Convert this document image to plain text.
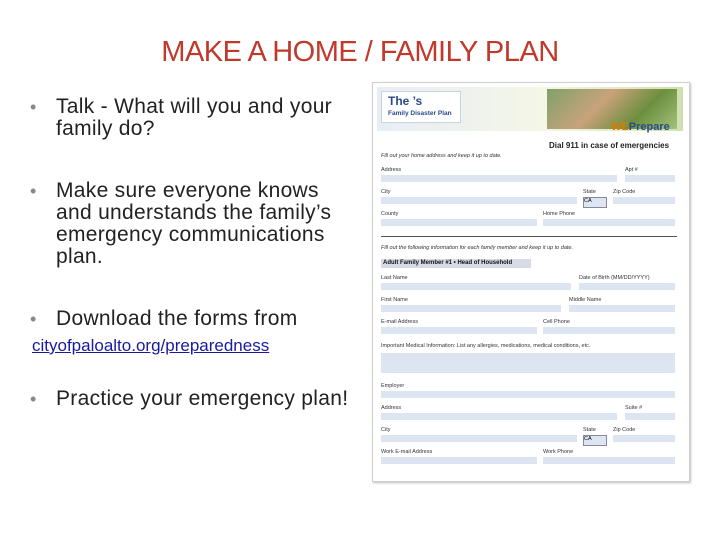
MAKE A HOME / FAMILY PLAN
• Talk - What will you and your family do?
• Make sure everyone knows and understands the family’s emergency communications plan.
• Download the forms from
• Practice your emergency plan!
cityofpaloalto.org/preparedness
The ’s
Family Disaster Plan
WEPrepare
Dial 911 in case of emergencies
Fill out your home address and keep it up to date.
Address	Apt #
City	State	Zip Code
CA
County	Home Phone
Fill out the following information for each family member and keep it up to date.
Adult Family Member #1 • Head of Household
Last Name	Date of Birth (MM/DD/YYYY)
First Name	Middle Name
E-mail Address	Cell Phone
Important Medical Information: List any allergies, medications, medical conditions, etc.
Employer
Address	Suite #
City	State	Zip Code
CA
Work E-mail Address	Work Phone
